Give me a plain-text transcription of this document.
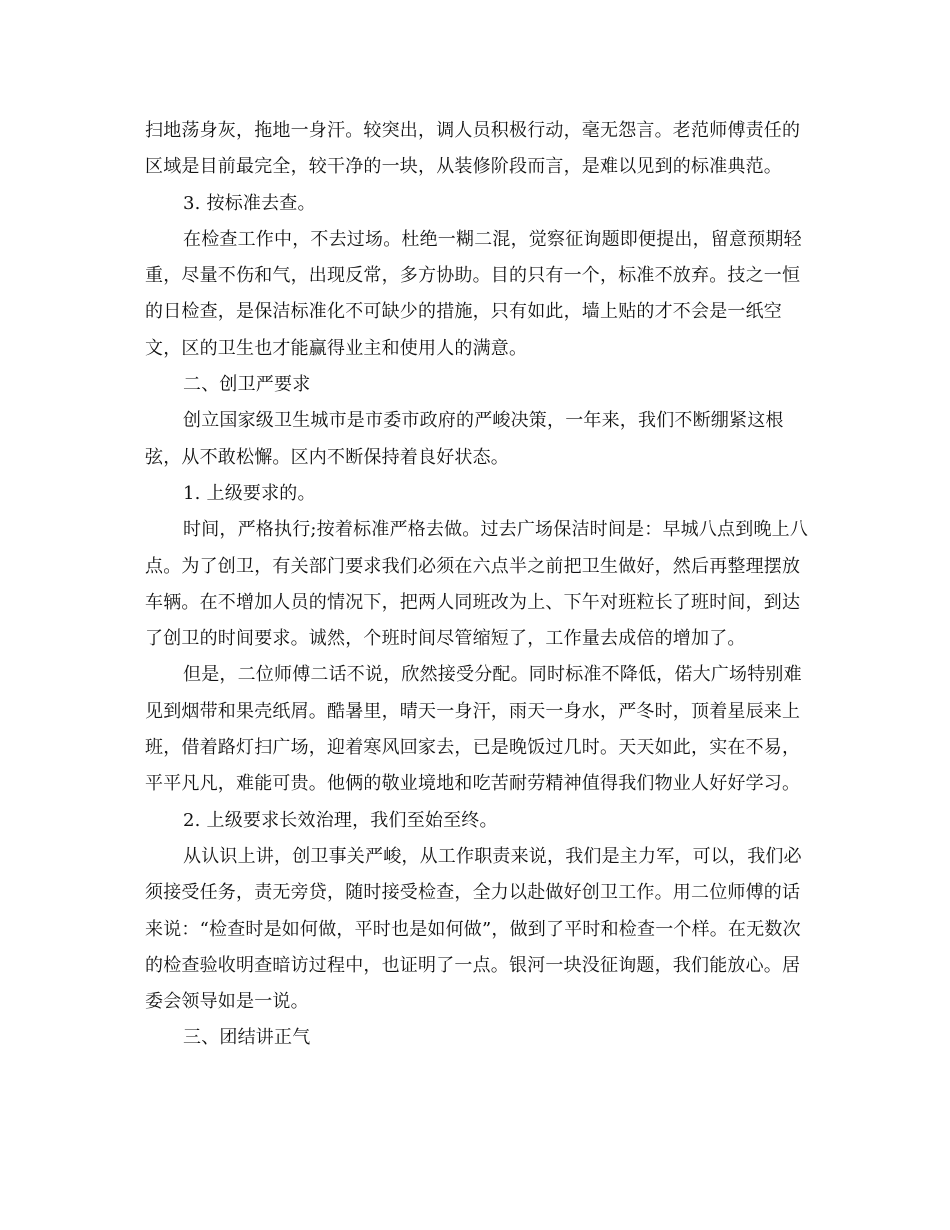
扫地荡身灰，拖地一身汗。较突出，调人员积极行动，毫无怨言。老范师傅责任的区域是目前最完全，较干净的一块，从装修阶段而言，是难以见到的标准典范。

3. 按标准去查。

在检查工作中，不去过场。杜绝一糊二混，觉察征询题即便提出，留意预期轻重，尽量不伤和气，出现反常，多方协助。目的只有一个，标准不放弃。技之一恒的日检查，是保洁标准化不可缺少的措施，只有如此，墙上贴的才不会是一纸空文，区的卫生也才能赢得业主和使用人的满意。

二、创卫严要求

创立国家级卫生城市是市委市政府的严峻决策，一年来，我们不断绷紧这根弦，从不敢松懈。区内不断保持着良好状态。

1. 上级要求的。

时间，严格执行;按着标准严格去做。过去广场保洁时间是：早城八点到晚上八点。为了创卫，有关部门要求我们必须在六点半之前把卫生做好，然后再整理摆放车辆。在不增加人员的情况下，把两人同班改为上、下午对班粒长了班时间，到达了创卫的时间要求。诚然，个班时间尽管缩短了，工作量去成倍的增加了。

但是，二位师傅二话不说，欣然接受分配。同时标准不降低，偌大广场特别难见到烟带和果壳纸屑。酷暑里，晴天一身汗，雨天一身水，严冬时，顶着星辰来上班，借着路灯扫广场，迎着寒风回家去，已是晚饭过几时。天天如此，实在不易，平平凡凡，难能可贵。他俩的敬业境地和吃苦耐劳精神值得我们物业人好好学习。

2. 上级要求长效治理，我们至始至终。

从认识上讲，创卫事关严峻，从工作职责来说，我们是主力军，可以，我们必须接受任务，责无旁贷，随时接受检查，全力以赴做好创卫工作。用二位师傅的话来说：“检查时是如何做，平时也是如何做”，做到了平时和检查一个样。在无数次的检查验收明查暗访过程中，也证明了一点。银河一块没征询题，我们能放心。居委会领导如是一说。

三、团结讲正气
